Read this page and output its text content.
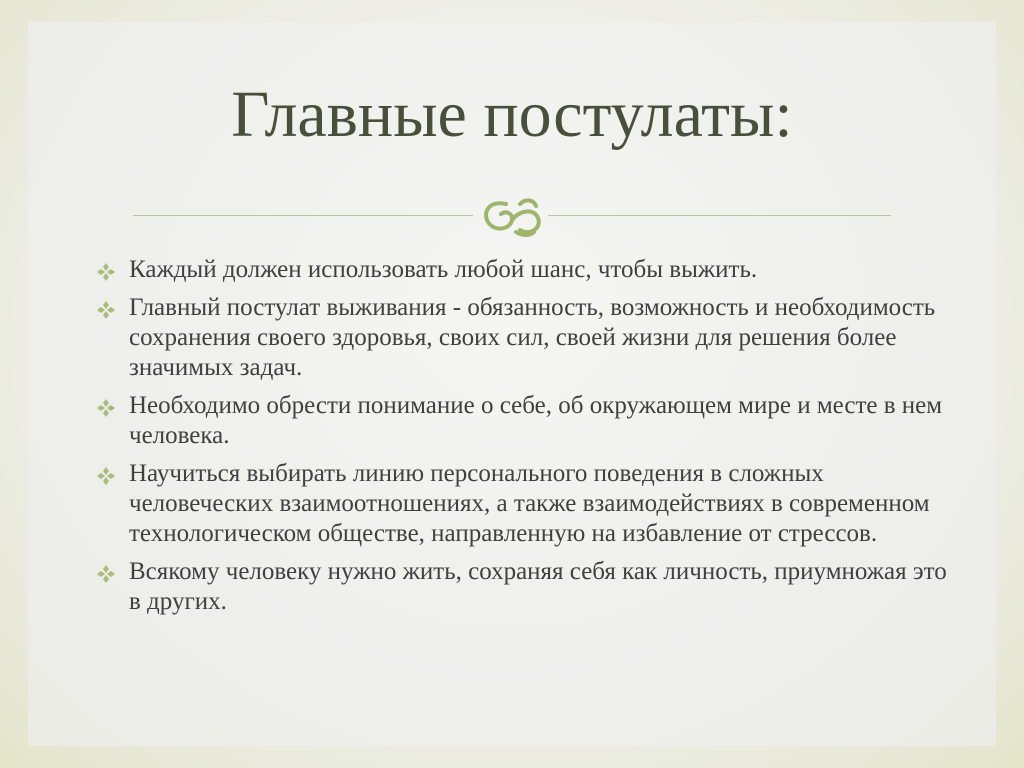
Главные постулаты:
Каждый должен использовать любой шанс, чтобы выжить.
Главный постулат выживания - обязанность, возможность и необходимость сохранения своего здоровья, своих сил, своей жизни для решения более значимых задач.
Необходимо обрести понимание о себе, об окружающем мире и месте в нем человека.
Научиться выбирать линию персонального поведения в сложных человеческих взаимоотношениях, а также взаимодействиях в современном технологическом обществе, направленную на избавление от стрессов.
Всякому человеку нужно жить, сохраняя себя как личность, приумножая это в других.
